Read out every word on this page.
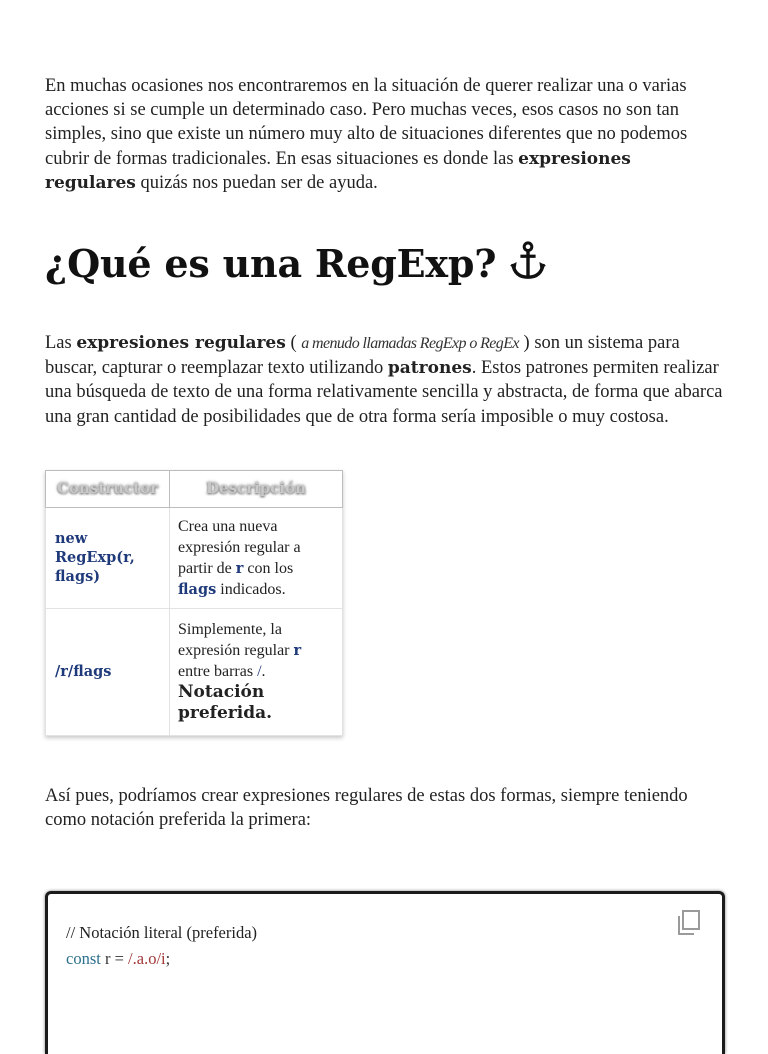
En muchas ocasiones nos encontraremos en la situación de querer realizar una o varias acciones si se cumple un determinado caso. Pero muchas veces, esos casos no son tan simples, sino que existe un número muy alto de situaciones diferentes que no podemos cubrir de formas tradicionales. En esas situaciones es donde las expresiones regulares quizás nos puedan ser de ayuda.

¿Qué es una RegExp?

Las expresiones regulares ( a menudo llamadas RegExp o RegEx ) son un sistema para buscar, capturar o reemplazar texto utilizando patrones. Estos patrones permiten realizar una búsqueda de texto de una forma relativamente sencilla y abstracta, de forma que abarca una gran cantidad de posibilidades que de otra forma sería imposible o muy costosa.

Constructor	Descripción
new RegExp(r, flags)	Crea una nueva expresión regular a partir de r con los flags indicados.
/r/flags	Simplemente, la expresión regular r entre barras /. Notación preferida.

Así pues, podríamos crear expresiones regulares de estas dos formas, siempre teniendo como notación preferida la primera:

// Notación literal (preferida)
const r = /.a.o/i;
